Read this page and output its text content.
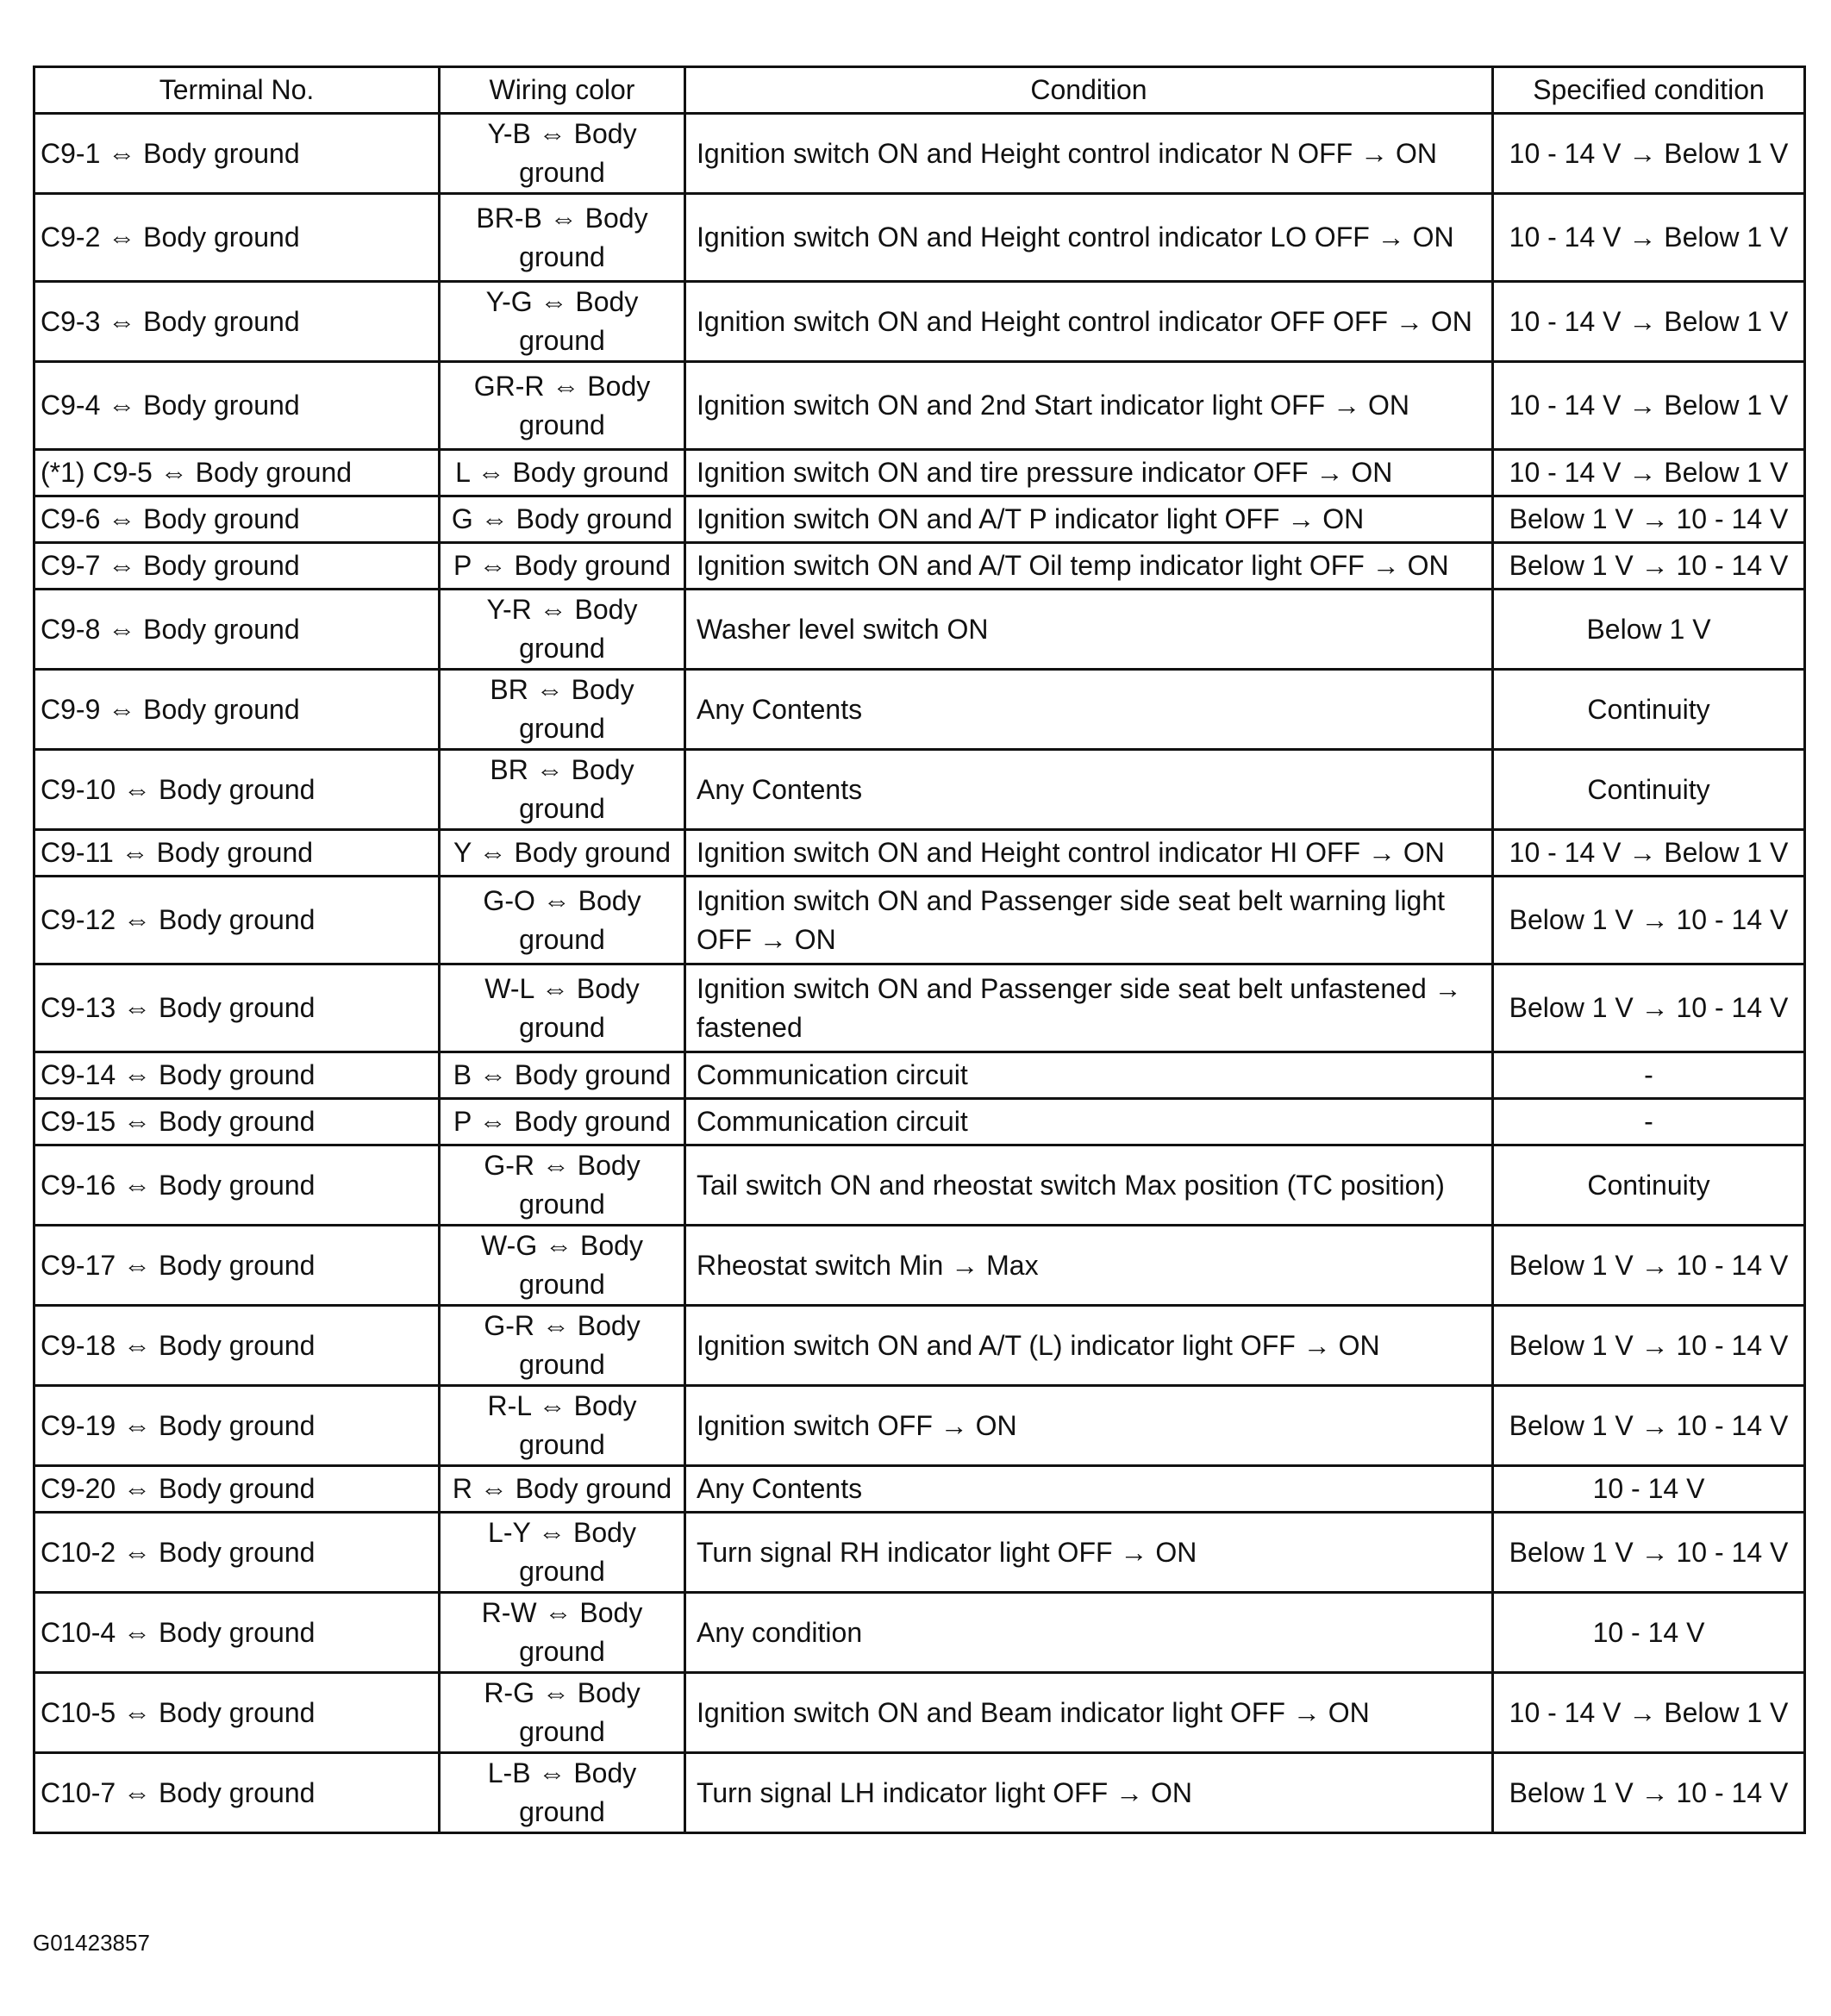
Terminal No.	Wiring color	Condition	Specified condition
C9-1 ⇔ Body ground	Y-B ⇔ Body ground	Ignition switch ON and Height control indicator N OFF → ON	10 - 14 V → Below 1 V
C9-2 ⇔ Body ground	BR-B ⇔ Body ground	Ignition switch ON and Height control indicator LO OFF → ON	10 - 14 V → Below 1 V
C9-3 ⇔ Body ground	Y-G ⇔ Body ground	Ignition switch ON and Height control indicator OFF OFF → ON	10 - 14 V → Below 1 V
C9-4 ⇔ Body ground	GR-R ⇔ Body ground	Ignition switch ON and 2nd Start indicator light OFF → ON	10 - 14 V → Below 1 V
(*1) C9-5 ⇔ Body ground	L ⇔ Body ground	Ignition switch ON and tire pressure indicator OFF → ON	10 - 14 V → Below 1 V
C9-6 ⇔ Body ground	G ⇔ Body ground	Ignition switch ON and A/T P indicator light OFF → ON	Below 1 V → 10 - 14 V
C9-7 ⇔ Body ground	P ⇔ Body ground	Ignition switch ON and A/T Oil temp indicator light OFF → ON	Below 1 V → 10 - 14 V
C9-8 ⇔ Body ground	Y-R ⇔ Body ground	Washer level switch ON	Below 1 V
C9-9 ⇔ Body ground	BR ⇔ Body ground	Any Contents	Continuity
C9-10 ⇔ Body ground	BR ⇔ Body ground	Any Contents	Continuity
C9-11 ⇔ Body ground	Y ⇔ Body ground	Ignition switch ON and Height control indicator HI OFF → ON	10 - 14 V → Below 1 V
C9-12 ⇔ Body ground	G-O ⇔ Body ground	Ignition switch ON and Passenger side seat belt warning light OFF → ON	Below 1 V → 10 - 14 V
C9-13 ⇔ Body ground	W-L ⇔ Body ground	Ignition switch ON and Passenger side seat belt unfastened → fastened	Below 1 V → 10 - 14 V
C9-14 ⇔ Body ground	B ⇔ Body ground	Communication circuit	-
C9-15 ⇔ Body ground	P ⇔ Body ground	Communication circuit	-
C9-16 ⇔ Body ground	G-R ⇔ Body ground	Tail switch ON and rheostat switch Max position (TC position)	Continuity
C9-17 ⇔ Body ground	W-G ⇔ Body ground	Rheostat switch Min → Max	Below 1 V → 10 - 14 V
C9-18 ⇔ Body ground	G-R ⇔ Body ground	Ignition switch ON and A/T (L) indicator light OFF → ON	Below 1 V → 10 - 14 V
C9-19 ⇔ Body ground	R-L ⇔ Body ground	Ignition switch OFF → ON	Below 1 V → 10 - 14 V
C9-20 ⇔ Body ground	R ⇔ Body ground	Any Contents	10 - 14 V
C10-2 ⇔ Body ground	L-Y ⇔ Body ground	Turn signal RH indicator light OFF → ON	Below 1 V → 10 - 14 V
C10-4 ⇔ Body ground	R-W ⇔ Body ground	Any condition	10 - 14 V
C10-5 ⇔ Body ground	R-G ⇔ Body ground	Ignition switch ON and Beam indicator light OFF → ON	10 - 14 V → Below 1 V
C10-7 ⇔ Body ground	L-B ⇔ Body ground	Turn signal LH indicator light OFF → ON	Below 1 V → 10 - 14 V
G01423857
